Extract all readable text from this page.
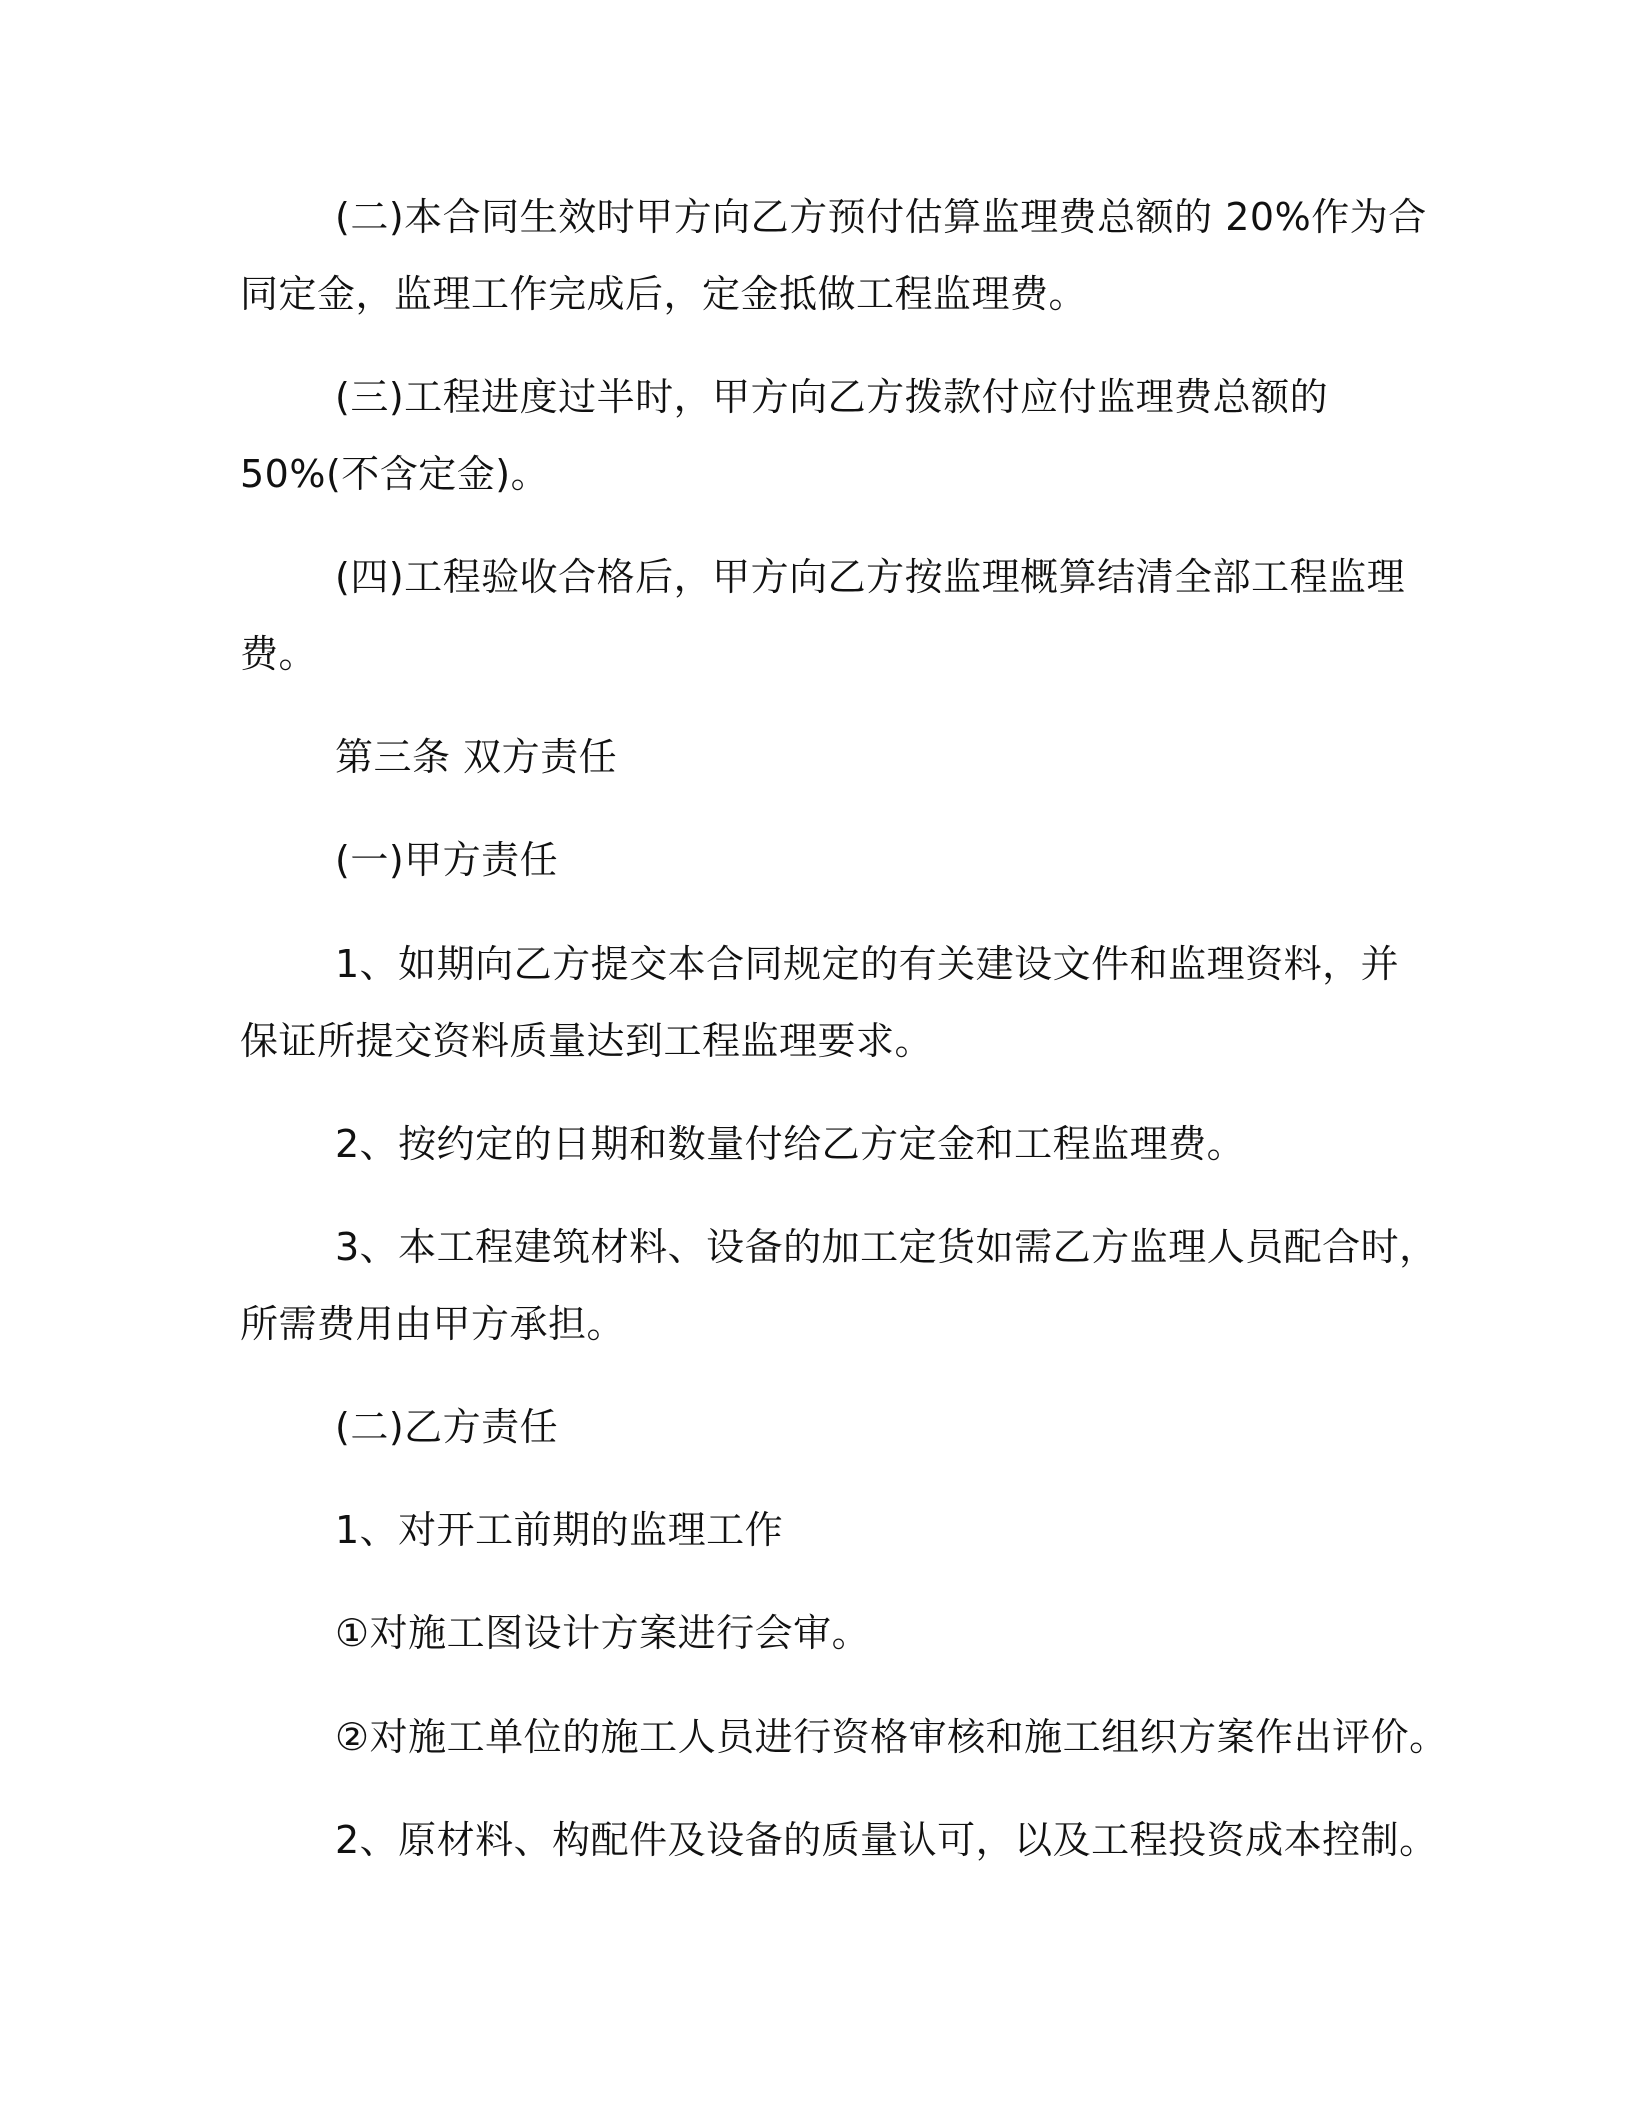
(二)本合同生效时甲方向乙方预付估算监理费总额的 20%作为合
同定金，监理工作完成后，定金抵做工程监理费。
(三)工程进度过半时，甲方向乙方拨款付应付监理费总额的
50%(不含定金)。
(四)工程验收合格后，甲方向乙方按监理概算结清全部工程监理
费。
第三条 双方责任
(一)甲方责任
1、如期向乙方提交本合同规定的有关建设文件和监理资料，并
保证所提交资料质量达到工程监理要求。
2、按约定的日期和数量付给乙方定金和工程监理费。
3、本工程建筑材料、设备的加工定货如需乙方监理人员配合时，
所需费用由甲方承担。
(二)乙方责任
1、对开工前期的监理工作
①对施工图设计方案进行会审。
②对施工单位的施工人员进行资格审核和施工组织方案作出评价。
2、原材料、构配件及设备的质量认可，以及工程投资成本控制。
